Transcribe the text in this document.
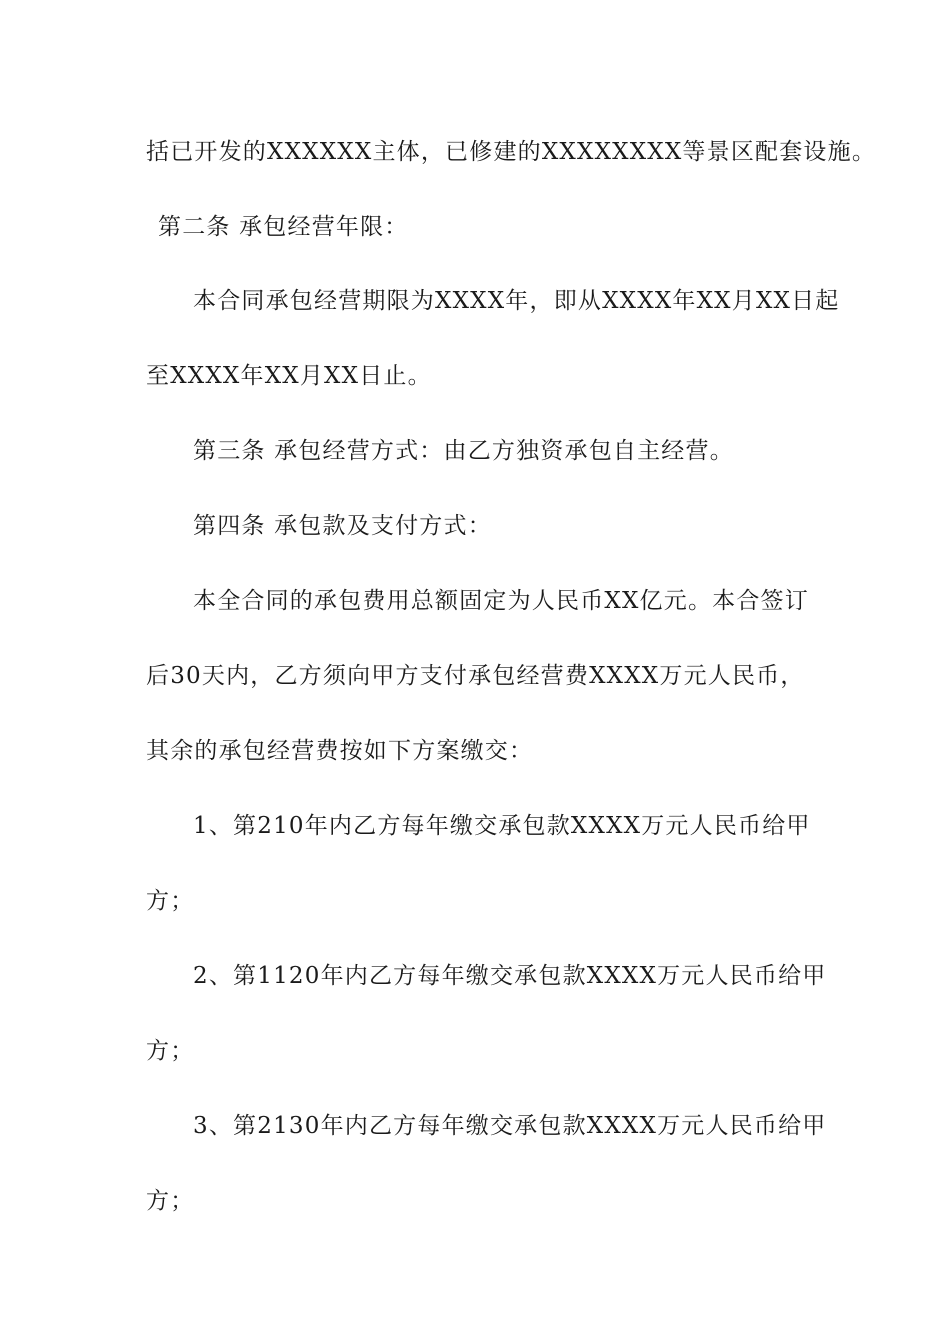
括已开发的XXXXXX主体，已修建的XXXXXXXX等景区配套设施。
第二条 承包经营年限：
本合同承包经营期限为XXXX年，即从XXXX年XX月XX日起
至XXXX年XX月XX日止。
第三条 承包经营方式：由乙方独资承包自主经营。
第四条 承包款及支付方式：
本全合同的承包费用总额固定为人民币XX亿元。本合签订
后30天内，乙方须向甲方支付承包经营费XXXX万元人民币，
其余的承包经营费按如下方案缴交：
1、第210年内乙方每年缴交承包款XXXX万元人民币给甲
方；
2、第1120年内乙方每年缴交承包款XXXX万元人民币给甲
方；
3、第2130年内乙方每年缴交承包款XXXX万元人民币给甲
方；
